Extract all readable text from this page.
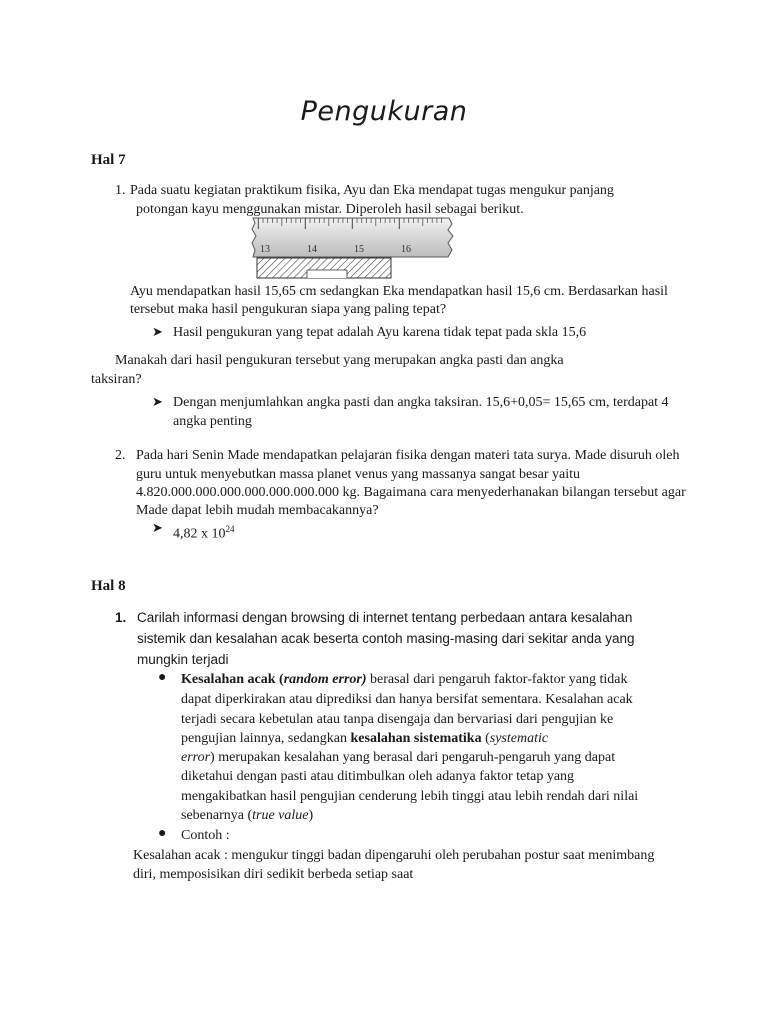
Pengukuran
Hal 7
1. Pada suatu kegiatan praktikum fisika, Ayu dan Eka mendapat tugas mengukur panjang
potongan kayu menggunakan mistar. Diperoleh hasil sebagai berikut.
13	14	15	16
Ayu mendapatkan hasil 15,65 cm sedangkan Eka mendapatkan hasil 15,6 cm. Berdasarkan hasil
tersebut maka hasil pengukuran siapa yang paling tepat?
➤ Hasil pengukuran yang tepat adalah Ayu karena tidak tepat pada skla 15,6
Manakah dari hasil pengukuran tersebut yang merupakan angka pasti dan angka
taksiran?
➤ Dengan menjumlahkan angka pasti dan angka taksiran. 15,6+0,05= 15,65 cm, terdapat 4
angka penting
2. Pada hari Senin Made mendapatkan pelajaran fisika dengan materi tata surya. Made disuruh oleh
guru untuk menyebutkan massa planet venus yang massanya sangat besar yaitu
4.820.000.000.000.000.000.000.000 kg. Bagaimana cara menyederhanakan bilangan tersebut agar
Made dapat lebih mudah membacakannya?
➤ 4,82 x $10^{24}$
Hal 8
1. Carilah informasi dengan browsing di internet tentang perbedaan antara kesalahan
sistemik dan kesalahan acak beserta contoh masing-masing dari sekitar anda yang
mungkin terjadi
● Kesalahan acak (random error) berasal dari pengaruh faktor-faktor yang tidak
dapat diperkirakan atau diprediksi dan hanya bersifat sementara. Kesalahan acak
terjadi secara kebetulan atau tanpa disengaja dan bervariasi dari pengujian ke
pengujian lainnya, sedangkan kesalahan sistematika (systematic
error) merupakan kesalahan yang berasal dari pengaruh-pengaruh yang dapat
diketahui dengan pasti atau ditimbulkan oleh adanya faktor tetap yang
mengakibatkan hasil pengujian cenderung lebih tinggi atau lebih rendah dari nilai
sebenarnya (true value)
● Contoh :
Kesalahan acak : mengukur tinggi badan dipengaruhi oleh perubahan postur saat menimbang
diri, memposisikan diri sedikit berbeda setiap saat
